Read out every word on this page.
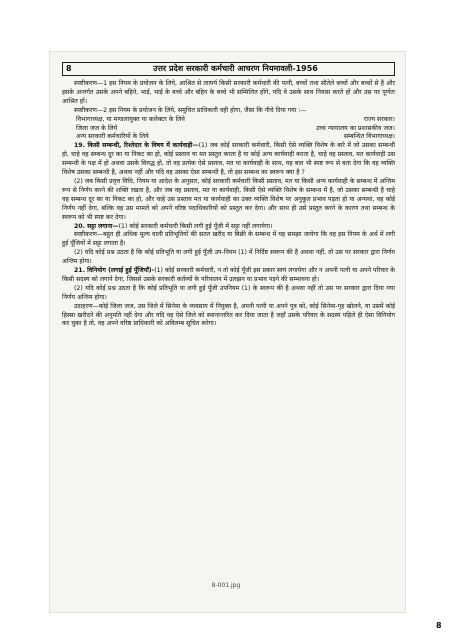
8	उत्तर प्रदेश सरकारी कर्मचारी आचरण नियमावली-1956

स्पष्टीकरण—1 इस नियम के प्रयोजन के लिये, आश्रित से तात्पर्य किसी सरकारी कर्मचारी की पत्नी, बच्चों तथा सौतेले बच्चों और बच्चों से है और इसके अन्तर्गत उसके अपने बहिने, भाई, भाई के बच्चे और बहिन के बच्चे भी सम्मिलित होंगे, यदि वे उसके साथ निवास करते हों और उस पर पूर्णतः आश्रित हों।

स्पष्टीकरण—2 इस नियम के प्रयोजन के लिये, समुचित प्राधिकारी वही होगा, जैसा कि नीचे दिया गया :—

विभागाध्यक्ष, या मण्डलायुक्त या कलेक्टर के लिये	राज्य सरकार।
जिला जज के लिये	उच्च न्यायालय का प्रशासकीय जज।
अन्य सरकारी कर्मचारियों के लिये	सम्बन्धित विभागाध्यक्ष।

19. किसी सम्बन्धी, रिश्तेदार के विषय में कार्यवाही—(1) जब कोई सरकारी कर्मचारी, किसी ऐसे व्यक्ति विशेष के बारे में जो उसका सम्बन्धी हो, चाहे वह सम्बन्ध दूर का या निकट का हो, कोई प्रस्ताव या मत प्रस्तुत करता है या कोई अन्य कार्यवाही करता है, चाहे वह प्रस्ताव, मत कार्यवाही उस सम्बन्धी के पक्ष में हो अथवा उसके विरुद्ध हो, तो वह प्रत्येक ऐसे प्रस्ताव, मत या कार्यवाही के साथ, यह बात भी स्पष्ट रूप से बता देगा कि वह व्यक्ति विशेष उसका सम्बन्धी है, अथवा नहीं और यदि वह उसका ऐसा सम्बन्धी है, तो इस सम्बन्ध का स्वरूप क्या है ?

(2) जब किसी प्रवृत्त विधि, नियम या आदेश के अनुसार, कोई सरकारी कर्मचारी किसी प्रस्ताव, मत या किसी अन्य कार्यवाही के सम्बन्ध में अन्तिम रूप से निर्णय करने की शक्ति रखता है, और जब वह प्रस्ताव, मत या कार्यवाही, किसी ऐसे व्यक्ति विशेष के सम्बन्ध में है, जो उसका सम्बन्धी है चाहे वह सम्बन्ध दूर का या निकट का हो, और चाहे उस प्रस्ताव मत या कार्यवाही का उक्त व्यक्ति विशेष पर अनुकूल प्रभाव पड़ता हो या अन्यथा, वह कोई निर्णय नहीं देगा, बल्कि वह उस मामले को अपने वरिष्ठ पदाधिकारियों को प्रस्तुत कर देगा। और साथ ही उसे प्रस्तुत करने के कारण तथा सम्बन्ध के स्वरूप को भी स्पष्ट कर देगा।

20. सट्टा लगाना—(1) कोई सरकारी कर्मचारी किसी लगी हुई पूँजी में सट्टा नहीं लगायेगा।

स्पष्टीकरण—बहुत ही अधिक मूल्य वाली प्रतिभूतियों की सतत खरीद या बिक्री के सम्बन्ध में यह समझा जायेगा कि वह इस नियम के अर्थ में लगी हुई पूँजियों में सट्टा लगाता है।

(2) यदि कोई प्रश्न उठता है कि कोई प्रतिभूति या लगी हुई पूँजी उप-नियम (1) में निर्दिष्ट स्वरूप की है अथवा नहीं, तो उस पर सरकार द्वारा निर्णय अन्तिम होगा।

21. विनियोग (लगाई हुई पूँजियाँ)-(1) कोई सरकारी कर्मचारी, न तो कोई पूँजी इस प्रकार स्वयं लगायेगा और न अपनी पत्नी या अपने परिवार के किसी सदस्य को लगाने देगा, जिससे उसके सरकारी कर्तव्यों के परिपालन में उलझन या प्रभाव पड़ने की सम्भावना हो।

(2) यदि कोई प्रश्न उठता है कि कोई प्रतिभूति या लगी हुई पूँजी उपनियम (1) के स्वरूप की है अथवा नहीं तो उस पर सरकार द्वारा दिया गया निर्णय अन्तिम होगा।

उदाहरण—कोई जिला जज, उस जिले में सिनेमा के व्यवसाय में नियुक्त है, अपनी पत्नी या अपने पुत्र को, कोई सिनेमा-गृह खोलने, या उसमें कोई हिस्सा खरीदने की अनुमति नहीं देगा और यदि वह ऐसे जिले को स्थानान्तरित कर दिया जाता है जहाँ उसके परिवार के सदस्य पहिले ही ऐसा विनियोग कर चुका है तो, वह अपने वरिष्ठ प्राधिकारी को अविलम्ब सूचित करेगा।

8-001.jpg
8
